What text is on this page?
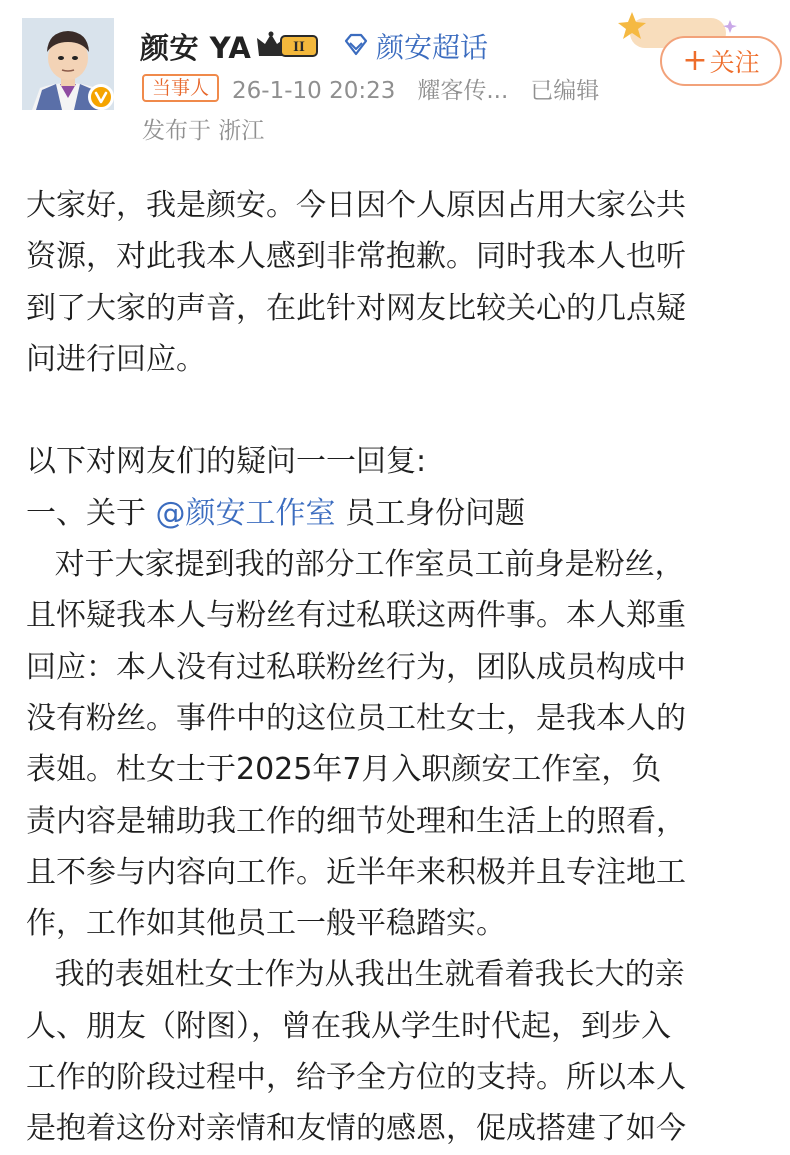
颜安 YA	II	颜安超话	+ 关注
当事人 26-1-10 20:23 耀客传... 已编辑
发布于 浙江
大家好，我是颜安。今日因个人原因占用大家公共
资源，对此我本人感到非常抱歉。同时我本人也听
到了大家的声音，在此针对网友比较关心的几点疑
问进行回应。
以下对网友们的疑问一一回复:
一、关于 @颜安工作室 员工身份问题
对于大家提到我的部分工作室员工前身是粉丝，
且怀疑我本人与粉丝有过私联这两件事。本人郑重
回应：本人没有过私联粉丝行为，团队成员构成中
没有粉丝。事件中的这位员工杜女士，是我本人的
表姐。杜女士于2025年7月入职颜安工作室，负
责内容是辅助我工作的细节处理和生活上的照看，
且不参与内容向工作。近半年来积极并且专注地工
作，工作如其他员工一般平稳踏实。
我的表姐杜女士作为从我出生就看着我长大的亲
人、朋友（附图），曾在我从学生时代起，到步入
工作的阶段过程中，给予全方位的支持。所以本人
是抱着这份对亲情和友情的感恩，促成搭建了如今
